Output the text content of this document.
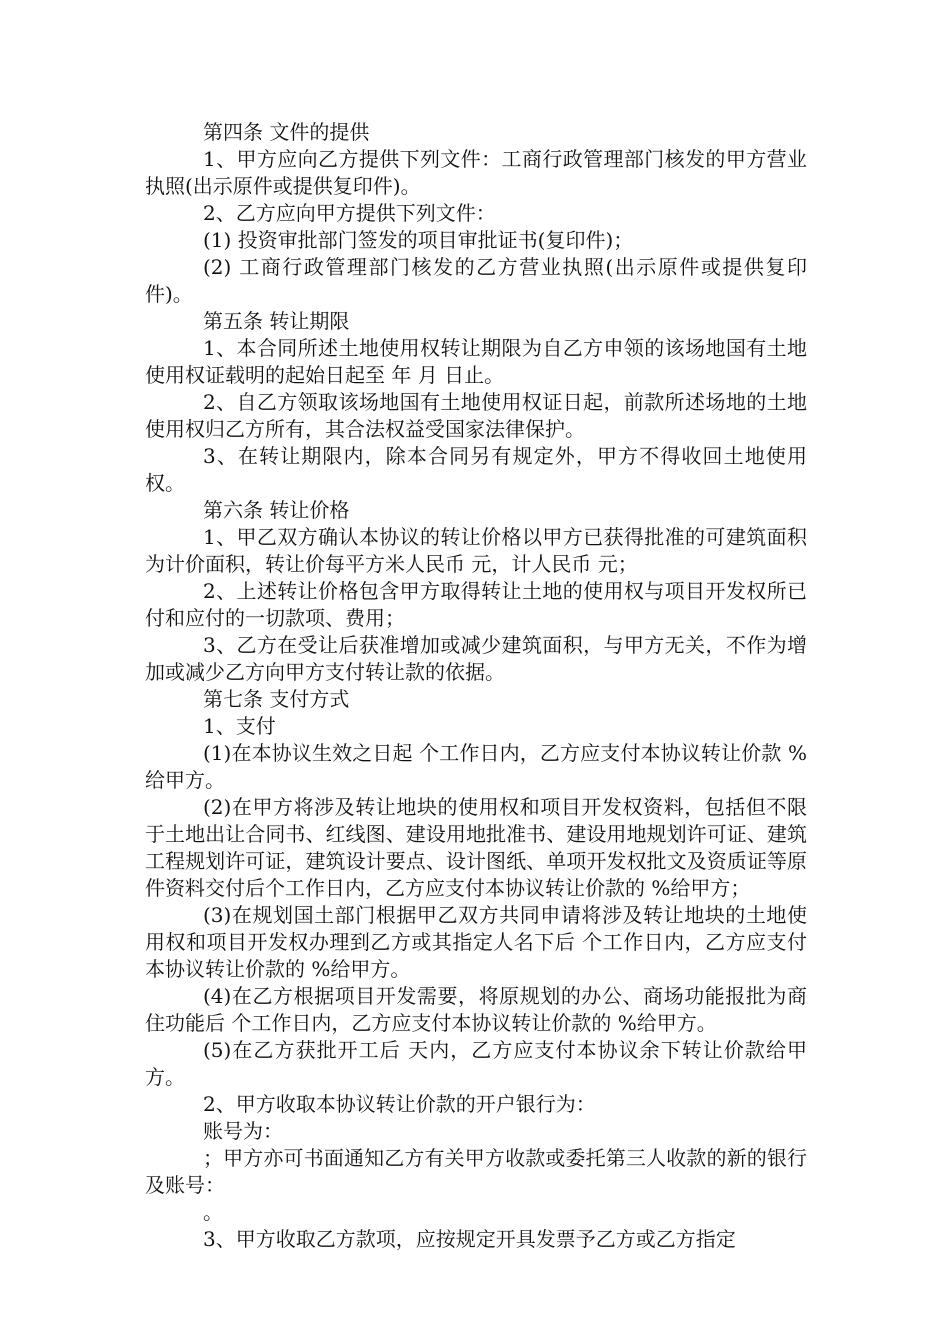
第四条 文件的提供

1、甲方应向乙方提供下列文件：工商行政管理部门核发的甲方营业执照(出示原件或提供复印件)。

2、乙方应向甲方提供下列文件：

(1) 投资审批部门签发的项目审批证书(复印件)；

(2) 工商行政管理部门核发的乙方营业执照(出示原件或提供复印件)。

第五条 转让期限

1、本合同所述土地使用权转让期限为自乙方申领的该场地国有土地使用权证载明的起始日起至 年 月 日止。

2、自乙方领取该场地国有土地使用权证日起，前款所述场地的土地使用权归乙方所有，其合法权益受国家法律保护。

3、在转让期限内，除本合同另有规定外，甲方不得收回土地使用权。

第六条 转让价格

1、甲乙双方确认本协议的转让价格以甲方已获得批准的可建筑面积为计价面积，转让价每平方米人民币 元，计人民币 元；

2、上述转让价格包含甲方取得转让土地的使用权与项目开发权所已付和应付的一切款项、费用；

3、乙方在受让后获准增加或减少建筑面积，与甲方无关，不作为增加或减少乙方向甲方支付转让款的依据。

第七条 支付方式

1、支付

(1)在本协议生效之日起 个工作日内，乙方应支付本协议转让价款 %给甲方。

(2)在甲方将涉及转让地块的使用权和项目开发权资料，包括但不限于土地出让合同书、红线图、建设用地批准书、建设用地规划许可证、建筑工程规划许可证，建筑设计要点、设计图纸、单项开发权批文及资质证等原件资料交付后个工作日内，乙方应支付本协议转让价款的 %给甲方；

(3)在规划国土部门根据甲乙双方共同申请将涉及转让地块的土地使用权和项目开发权办理到乙方或其指定人名下后 个工作日内，乙方应支付本协议转让价款的 %给甲方。

(4)在乙方根据项目开发需要，将原规划的办公、商场功能报批为商住功能后 个工作日内，乙方应支付本协议转让价款的 %给甲方。

(5)在乙方获批开工后 天内，乙方应支付本协议余下转让价款给甲方。

2、甲方收取本协议转让价款的开户银行为：

账号为：

；甲方亦可书面通知乙方有关甲方收款或委托第三人收款的新的银行及账号：

。

3、甲方收取乙方款项，应按规定开具发票予乙方或乙方指定
